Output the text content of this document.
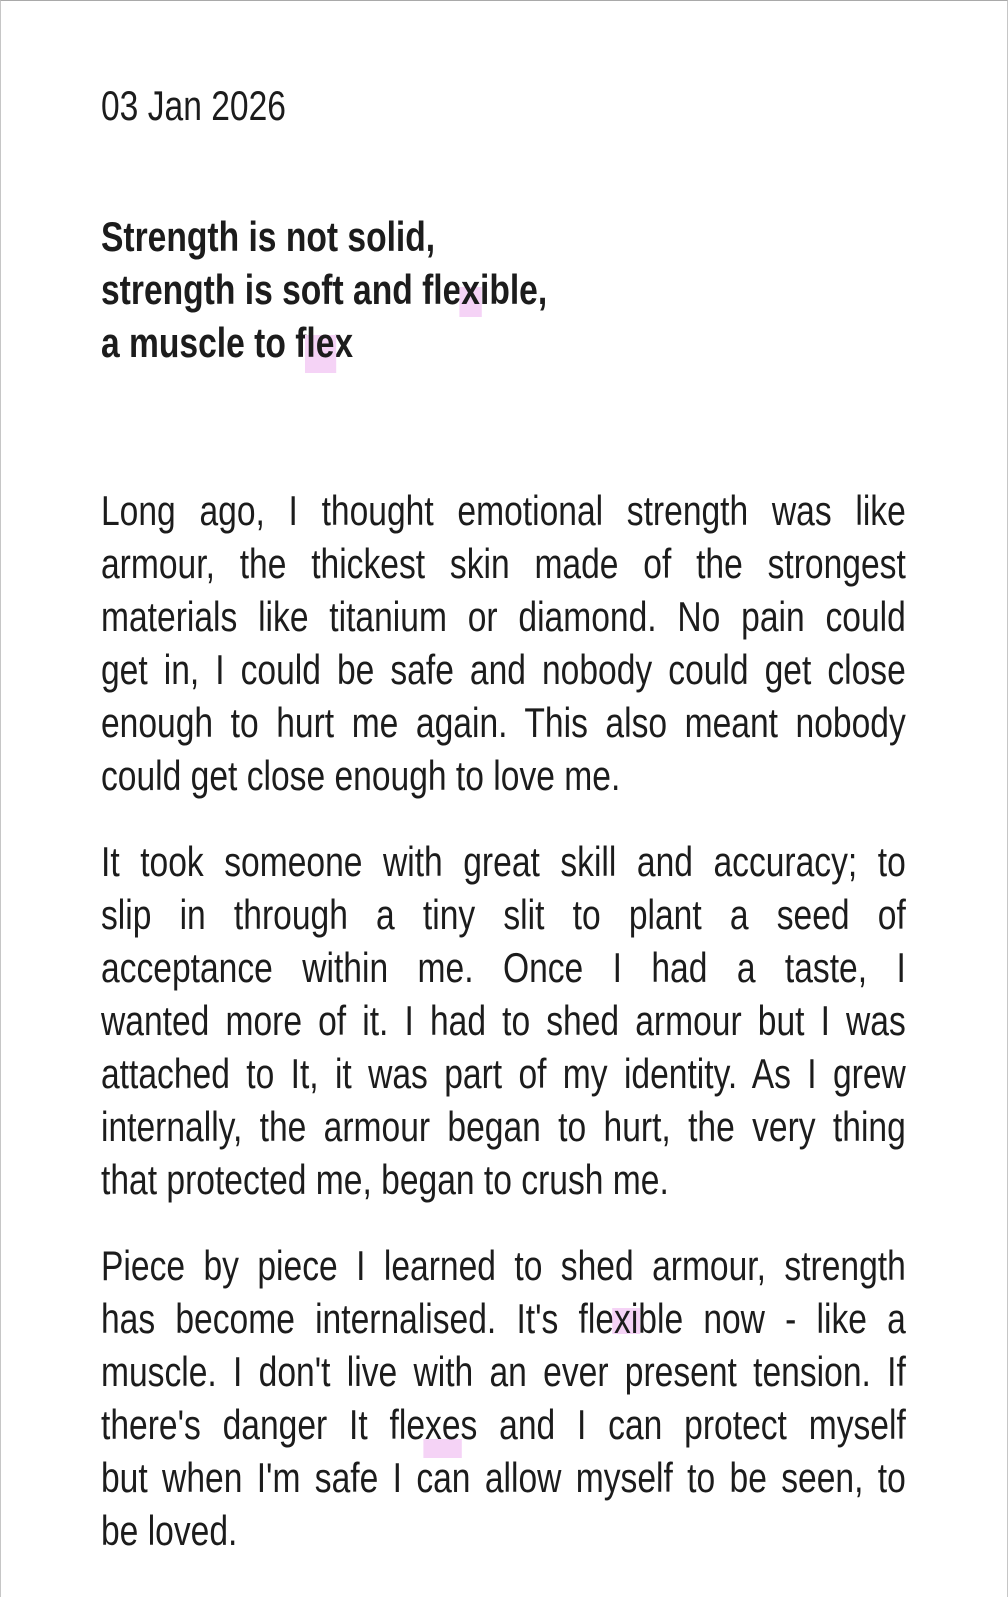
03 Jan 2026
Strength is not solid,
strength is soft and flexible,
a muscle to flex
Long ago, I thought emotional strength was like
armour, the thickest skin made of the strongest
materials like titanium or diamond. No pain could
get in, I could be safe and nobody could get close
enough to hurt me again. This also meant nobody
could get close enough to love me.
It took someone with great skill and accuracy; to
slip in through a tiny slit to plant a seed of
acceptance within me. Once I had a taste, I
wanted more of it. I had to shed armour but I was
attached to It, it was part of my identity. As I grew
internally, the armour began to hurt, the very thing
that protected me, began to crush me.
Piece by piece I learned to shed armour, strength
has become internalised. It's flexible now - like a
muscle. I don't live with an ever present tension. If
there's danger It flexes and I can protect myself
but when I'm safe I can allow myself to be seen, to
be loved.
